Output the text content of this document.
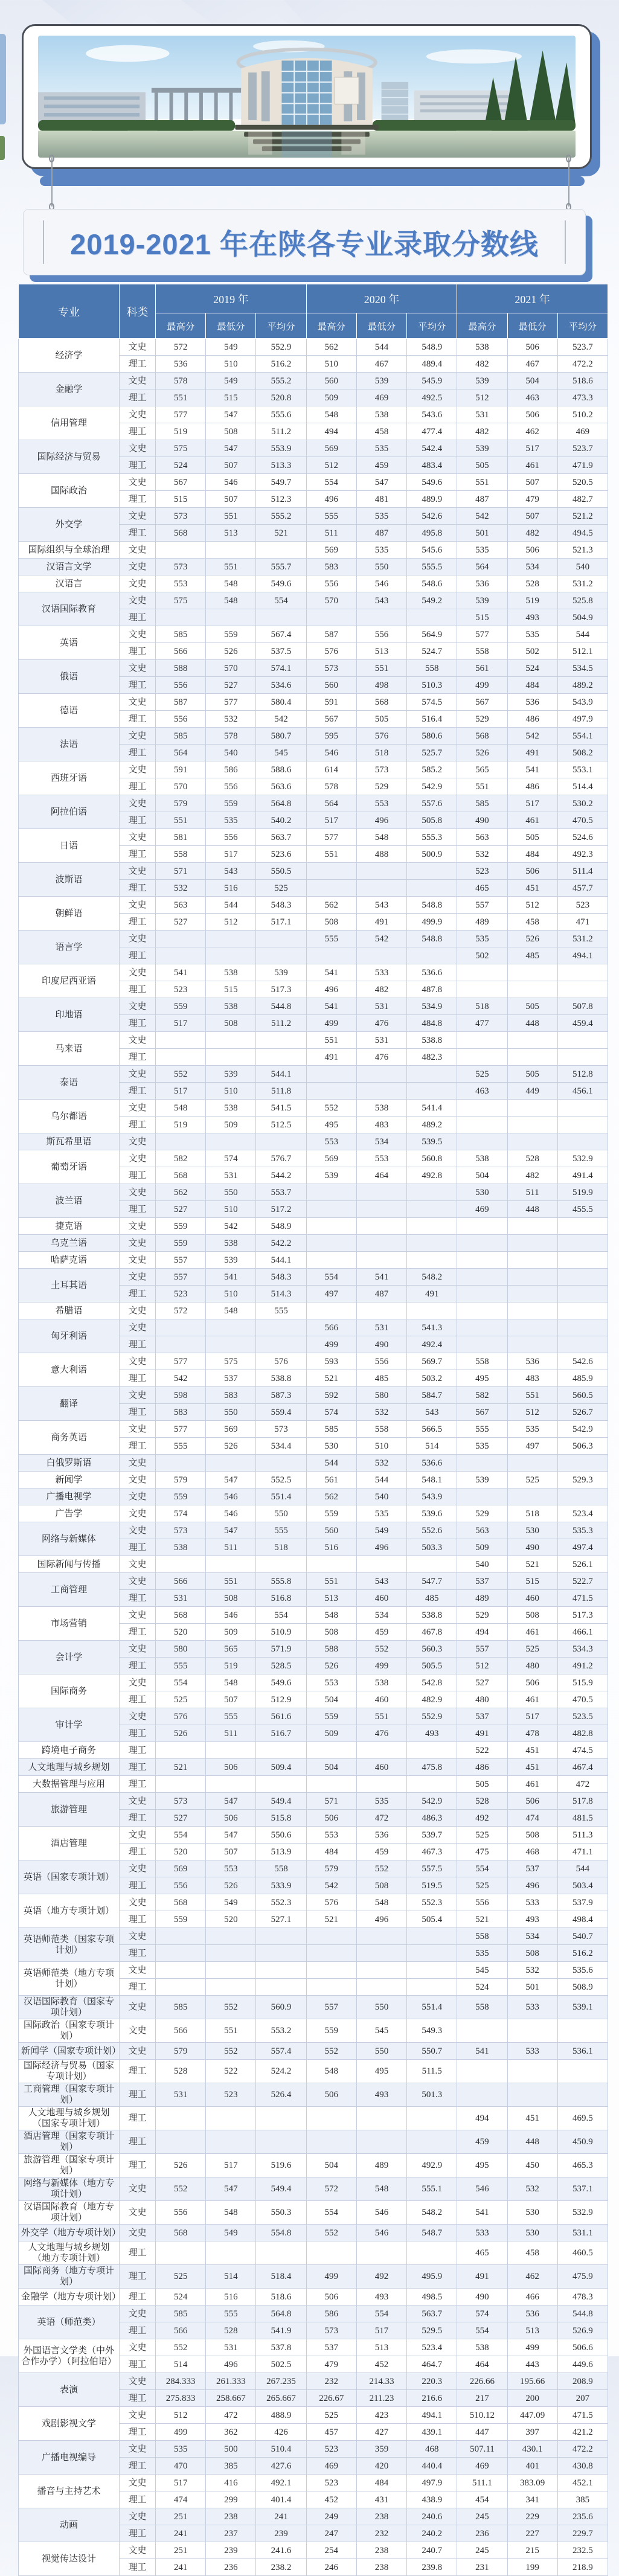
2019-2021 年在陕各专业录取分数线
专业	科类	2019 年			2020 年			2021 年		
		最高分	最低分	平均分	最高分	最低分	平均分	最高分	最低分	平均分
经济学	文史	572	549	552.9	562	544	548.9	538	506	523.7
	理工	536	510	516.2	510	467	489.4	482	467	472.2
金融学	文史	578	549	555.2	560	539	545.9	539	504	518.6
	理工	551	515	520.8	509	469	492.5	512	463	473.3
信用管理	文史	577	547	555.6	548	538	543.6	531	506	510.2
	理工	519	508	511.2	494	458	477.4	482	462	469
国际经济与贸易	文史	575	547	553.9	569	535	542.4	539	517	523.7
	理工	524	507	513.3	512	459	483.4	505	461	471.9
国际政治	文史	567	546	549.7	554	547	549.6	551	507	520.5
	理工	515	507	512.3	496	481	489.9	487	479	482.7
外交学	文史	573	551	555.2	555	535	542.6	542	507	521.2
	理工	568	513	521	511	487	495.8	501	482	494.5
国际组织与全球治理	文史				569	535	545.6	535	506	521.3
汉语言文学	文史	573	551	555.7	583	550	555.5	564	534	540
汉语言	文史	553	548	549.6	556	546	548.6	536	528	531.2
汉语国际教育	文史	575	548	554	570	543	549.2	539	519	525.8
	理工							515	493	504.9
英语	文史	585	559	567.4	587	556	564.9	577	535	544
	理工	566	526	537.5	576	513	524.7	558	502	512.1
俄语	文史	588	570	574.1	573	551	558	561	524	534.5
	理工	556	527	534.6	560	498	510.3	499	484	489.2
德语	文史	587	577	580.4	591	568	574.5	567	536	543.9
	理工	556	532	542	567	505	516.4	529	486	497.9
法语	文史	585	578	580.7	595	576	580.6	568	542	554.1
	理工	564	540	545	546	518	525.7	526	491	508.2
西班牙语	文史	591	586	588.6	614	573	585.2	565	541	553.1
	理工	570	556	563.6	578	529	542.9	551	486	514.4
阿拉伯语	文史	579	559	564.8	564	553	557.6	585	517	530.2
	理工	551	535	540.2	517	496	505.8	490	461	470.5
日语	文史	581	556	563.7	577	548	555.3	563	505	524.6
	理工	558	517	523.6	551	488	500.9	532	484	492.3
波斯语	文史	571	543	550.5				523	506	511.4
	理工	532	516	525				465	451	457.7
朝鲜语	文史	563	544	548.3	562	543	548.8	557	512	523
	理工	527	512	517.1	508	491	499.9	489	458	471
语言学	文史				555	542	548.8	535	526	531.2
	理工							502	485	494.1
印度尼西亚语	文史	541	538	539	541	533	536.6			
	理工	523	515	517.3	496	482	487.8			
印地语	文史	559	538	544.8	541	531	534.9	518	505	507.8
	理工	517	508	511.2	499	476	484.8	477	448	459.4
马来语	文史				551	531	538.8			
	理工				491	476	482.3			
泰语	文史	552	539	544.1				525	505	512.8
	理工	517	510	511.8				463	449	456.1
乌尔都语	文史	548	538	541.5	552	538	541.4			
	理工	519	509	512.5	495	483	489.2			
斯瓦希里语	文史				553	534	539.5			
葡萄牙语	文史	582	574	576.7	569	553	560.8	538	528	532.9
	理工	568	531	544.2	539	464	492.8	504	482	491.4
波兰语	文史	562	550	553.7				530	511	519.9
	理工	527	510	517.2				469	448	455.5
捷克语	文史	559	542	548.9						
乌克兰语	文史	559	538	542.2						
哈萨克语	文史	557	539	544.1						
土耳其语	文史	557	541	548.3	554	541	548.2			
	理工	523	510	514.3	497	487	491			
希腊语	文史	572	548	555						
匈牙利语	文史				566	531	541.3			
	理工				499	490	492.4			
意大利语	文史	577	575	576	593	556	569.7	558	536	542.6
	理工	542	537	538.8	521	485	503.2	495	483	485.9
翻译	文史	598	583	587.3	592	580	584.7	582	551	560.5
	理工	583	550	559.4	574	532	543	567	512	526.7
商务英语	文史	577	569	573	585	558	566.5	555	535	542.9
	理工	555	526	534.4	530	510	514	535	497	506.3
白俄罗斯语	文史				544	532	536.6			
新闻学	文史	579	547	552.5	561	544	548.1	539	525	529.3
广播电视学	文史	559	546	551.4	562	540	543.9			
广告学	文史	574	546	550	559	535	539.6	529	518	523.4
网络与新媒体	文史	573	547	555	560	549	552.6	563	530	535.3
	理工	538	511	518	516	496	503.3	509	490	497.4
国际新闻与传播	文史							540	521	526.1
工商管理	文史	566	551	555.8	551	543	547.7	537	515	522.7
	理工	531	508	516.8	513	460	485	489	460	471.5
市场营销	文史	568	546	554	548	534	538.8	529	508	517.3
	理工	520	509	510.9	508	459	467.8	494	461	466.1
会计学	文史	580	565	571.9	588	552	560.3	557	525	534.3
	理工	555	519	528.5	526	499	505.5	512	480	491.2
国际商务	文史	554	548	549.6	553	538	542.8	527	506	515.9
	理工	525	507	512.9	504	460	482.9	480	461	470.5
审计学	文史	576	555	561.6	559	551	552.9	537	517	523.5
	理工	526	511	516.7	509	476	493	491	478	482.8
跨境电子商务	理工							522	451	474.5
人文地理与城乡规划	理工	521	506	509.4	504	460	475.8	486	451	467.4
大数据管理与应用	理工							505	461	472
旅游管理	文史	573	547	549.4	571	535	542.9	528	506	517.8
	理工	527	506	515.8	506	472	486.3	492	474	481.5
酒店管理	文史	554	547	550.6	553	536	539.7	525	508	511.3
	理工	520	507	513.9	484	459	467.3	475	468	471.1
英语（国家专项计划）	文史	569	553	558	579	552	557.5	554	537	544
	理工	556	526	533.9	542	508	519.5	525	496	503.4
英语（地方专项计划）	文史	568	549	552.3	576	548	552.3	556	533	537.9
	理工	559	520	527.1	521	496	505.4	521	493	498.4
英语师范类（国家专项计划）	文史							558	534	540.7
	理工							535	508	516.2
英语师范类（地方专项计划）	文史							545	532	535.6
	理工							524	501	508.9
汉语国际教育（国家专项计划）	文史	585	552	560.9	557	550	551.4	558	533	539.1
国际政治（国家专项计划）	文史	566	551	553.2	559	545	549.3			
新闻学（国家专项计划）	文史	579	552	557.4	552	550	550.7	541	533	536.1
国际经济与贸易（国家专项计划）	理工	528	522	524.2	548	495	511.5			
工商管理（国家专项计划）	理工	531	523	526.4	506	493	501.3			
人文地理与城乡规划（国家专项计划）	理工							494	451	469.5
酒店管理（国家专项计划）	理工							459	448	450.9
旅游管理（国家专项计划）	理工	526	517	519.6	504	489	492.9	495	450	465.3
网络与新媒体（地方专项计划）	文史	552	547	549.4	572	548	555.1	546	532	537.1
汉语国际教育（地方专项计划）	文史	556	548	550.3	554	546	548.2	541	530	532.9
外交学（地方专项计划）	文史	568	549	554.8	552	546	548.7	533	530	531.1
人文地理与城乡规划（地方专项计划）	理工							465	458	460.5
国际商务（地方专项计划）	理工	525	514	518.4	499	492	495.9	491	462	475.9
金融学（地方专项计划）	理工	524	516	518.6	506	493	498.5	490	466	478.3
英语（师范类）	文史	585	555	564.8	586	554	563.7	574	536	544.8
	理工	566	528	541.9	573	517	529.5	554	513	526.9
外国语言文学类（中外合作办学）（阿拉伯语）	文史	552	531	537.8	537	513	523.4	538	499	506.6
	理工	514	496	502.5	479	452	464.7	464	443	449.6
表演	文史	284.333	261.333	267.235	232	214.33	220.3	226.66	195.66	208.9
	理工	275.833	258.667	265.667	226.67	211.23	216.6	217	200	207
戏剧影视文学	文史	512	472	488.9	525	423	494.1	510.12	447.09	471.5
	理工	499	362	426	457	427	439.1	447	397	421.2
广播电视编导	文史	535	500	510.4	523	359	468	507.11	430.1	472.2
	理工	470	385	427.6	469	420	440.4	469	401	430.8
播音与主持艺术	文史	517	416	492.1	523	484	497.9	511.1	383.09	452.1
	理工	474	299	401.4	452	431	438.9	454	341	385
动画	文史	251	238	241	249	238	240.6	245	229	235.6
	理工	241	237	239	247	232	240.2	236	227	229.7
视觉传达设计	文史	251	239	241.6	254	238	240.7	245	215	232.5
	理工	241	236	238.2	246	238	239.8	231	199	218.9
